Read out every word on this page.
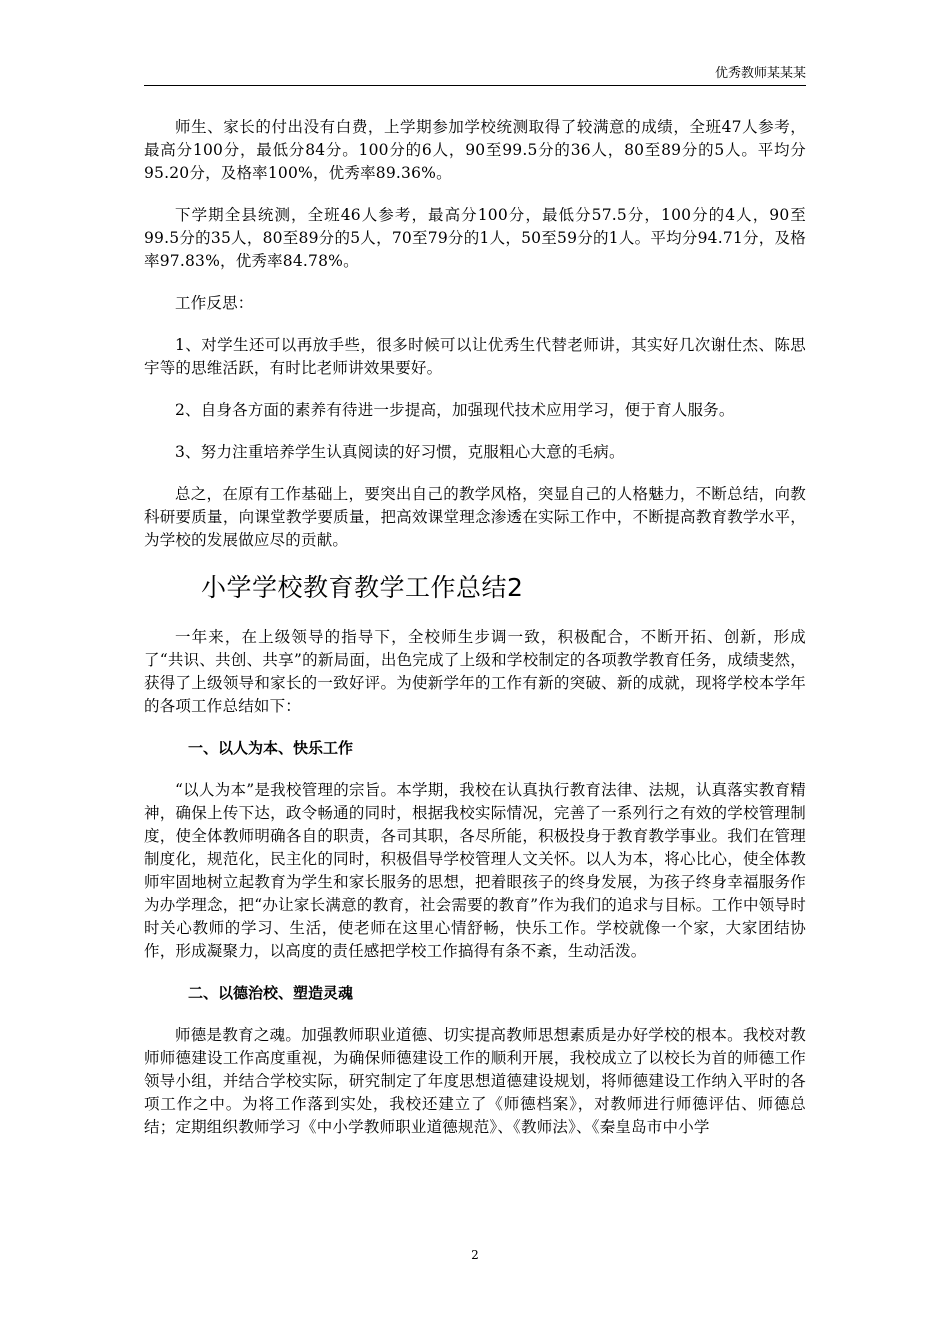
优秀教师某某某

师生、家长的付出没有白费，上学期参加学校统测取得了较满意的成绩，全班47人参考，最高分100分，最低分84分。100分的6人，90至99.5分的36人，80至89分的5人。平均分95.20分，及格率100%，优秀率89.36%。

下学期全县统测，全班46人参考，最高分100分，最低分57.5分，100分的4人，90至99.5分的35人，80至89分的5人，70至79分的1人，50至59分的1人。平均分94.71分，及格率97.83%，优秀率84.78%。

工作反思：

1、对学生还可以再放手些，很多时候可以让优秀生代替老师讲，其实好几次谢仕杰、陈思宇等的思维活跃，有时比老师讲效果要好。

2、自身各方面的素养有待进一步提高，加强现代技术应用学习，便于育人服务。

3、努力注重培养学生认真阅读的好习惯，克服粗心大意的毛病。

总之，在原有工作基础上，要突出自己的教学风格，突显自己的人格魅力，不断总结，向教科研要质量，向课堂教学要质量，把高效课堂理念渗透在实际工作中，不断提高教育教学水平，为学校的发展做应尽的贡献。

小学学校教育教学工作总结2

一年来，在上级领导的指导下，全校师生步调一致，积极配合，不断开拓、创新，形成了“共识、共创、共享”的新局面，出色完成了上级和学校制定的各项教学教育任务，成绩斐然，获得了上级领导和家长的一致好评。为使新学年的工作有新的突破、新的成就，现将学校本学年的各项工作总结如下：

一、以人为本、快乐工作

“以人为本”是我校管理的宗旨。本学期，我校在认真执行教育法律、法规，认真落实教育精神，确保上传下达，政令畅通的同时，根据我校实际情况，完善了一系列行之有效的学校管理制度，使全体教师明确各自的职责，各司其职，各尽所能，积极投身于教育教学事业。我们在管理制度化，规范化，民主化的同时，积极倡导学校管理人文关怀。以人为本，将心比心，使全体教师牢固地树立起教育为学生和家长服务的思想，把着眼孩子的终身发展，为孩子终身幸福服务作为办学理念，把“办让家长满意的教育，社会需要的教育”作为我们的追求与目标。工作中领导时时关心教师的学习、生活，使老师在这里心情舒畅，快乐工作。学校就像一个家，大家团结协作，形成凝聚力，以高度的责任感把学校工作搞得有条不紊，生动活泼。

二、以德治校、塑造灵魂

师德是教育之魂。加强教师职业道德、切实提高教师思想素质是办好学校的根本。我校对教师师德建设工作高度重视，为确保师德建设工作的顺利开展，我校成立了以校长为首的师德工作领导小组，并结合学校实际，研究制定了年度思想道德建设规划，将师德建设工作纳入平时的各项工作之中。为将工作落到实处，我校还建立了《师德档案》，对教师进行师德评估、师德总结；定期组织教师学习《中小学教师职业道德规范》、《教师法》、《秦皇岛市中小学

2
